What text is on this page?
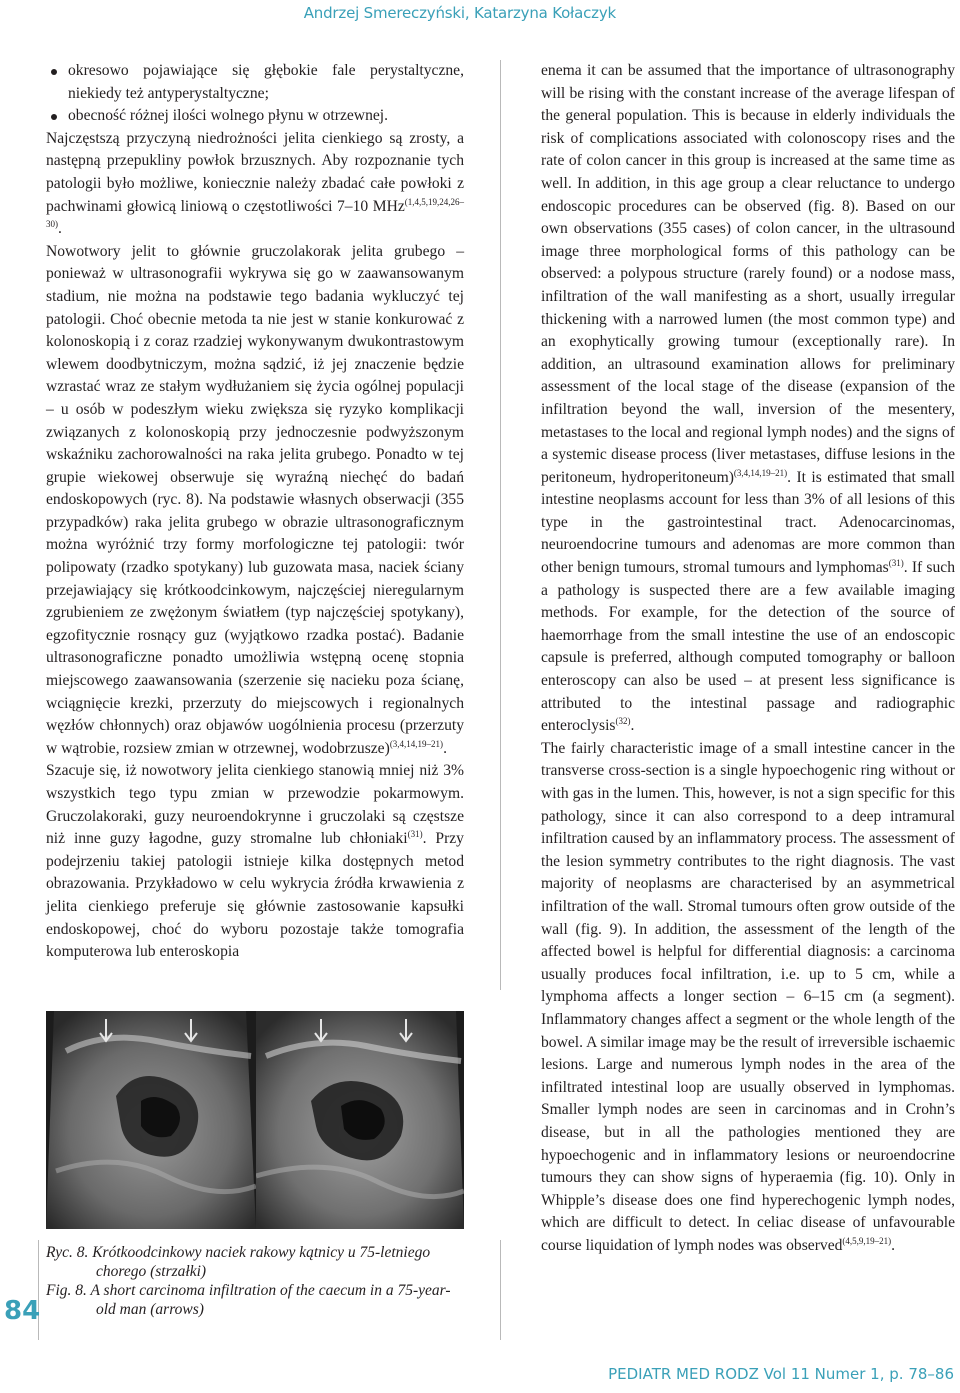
Andrzej Smereczyński, Katarzyna Kołaczyk
okresowo pojawiające się głębokie fale perystaltyczne, niekiedy też antyperystaltyczne;
obecność różnej ilości wolnego płynu w otrzewnej.

Najczęstszą przyczyną niedrożności jelita cienkiego są zrosty, a następną przepukliny powłok brzusznych. Aby rozpoznanie tych patologii było możliwe, koniecznie należy zbadać całe powłoki z pachwinami głowicą liniową o częstotliwości 7–10 MHz$^{(1,4,5,19,24,26-30)}$.

Nowotwory jelit to głównie gruczolakorak jelita grubego – ponieważ w ultrasonografii wykrywa się go w zaawansowanym stadium, nie można na podstawie tego badania wykluczyć tej patologii. Choć obecnie metoda ta nie jest w stanie konkurować z kolonoskopią i z coraz rzadziej wykonywanym dwukontrastowym wlewem doodbytniczym, można sądzić, iż jej znaczenie będzie wzrastać wraz ze stałym wydłużaniem się życia ogólnej populacji – u osób w podeszłym wieku zwiększa się ryzyko komplikacji związanych z kolonoskopią przy jednoczesnie podwyższonym wskaźniku zachorowalności na raka jelita grubego. Ponadto w tej grupie wiekowej obserwuje się wyraźną niechęć do badań endoskopowych (ryc. 8). Na podstawie własnych obserwacji (355 przypadków) raka jelita grubego w obrazie ultrasonograficznym można wyróżnić trzy formy morfologiczne tej patologii: twór polipowaty (rzadko spotykany) lub guzowata masa, naciek ściany przejawiający się krótkoodcinkowym, najczęściej nieregularnym zgrubieniem ze zwężonym światłem (typ najczęściej spotykany), egzofitycznie rosnący guz (wyjątkowo rzadka postać). Badanie ultrasonograficzne ponadto umożliwia wstępną ocenę stopnia miejscowego zaawansowania (szerzenie się nacieku poza ścianę, wciągnięcie krezki, przerzuty do miejscowych i regionalnych węzłów chłonnych) oraz objawów uogólnienia procesu (przerzuty w wątrobie, rozsiew zmian w otrzewnej, wodobrzusze)$^{(3,4,14,19-21)}$.

Szacuje się, iż nowotwory jelita cienkiego stanowią mniej niż 3% wszystkich tego typu zmian w przewodzie pokarmowym. Gruczolakoraki, guzy neuroendokrynne i gruczolaki są częstsze niż inne guzy łagodne, guzy stromalne lub chłoniaki$^{(31)}$. Przy podejrzeniu takiej patologii istnieje kilka dostępnych metod obrazowania. Przykładowo w celu wykrycia źródła krwawienia z jelita cienkiego preferuje się głównie zastosowanie kapsułki endoskopowej, choć do wyboru pozostaje także tomografia komputerowa lub enteroskopia

Ryc. 8. Krótkoodcinkowy naciek rakowy kątnicy u 75-letniego
chorego (strzałki)
Fig. 8. A short carcinoma infiltration of the caecum in a 75-year-
old man (arrows)

enema it can be assumed that the importance of ultrasonography will be rising with the constant increase of the average lifespan of the general population. This is because in elderly individuals the risk of complications associated with colonoscopy rises and the rate of colon cancer in this group is increased at the same time as well. In addition, in this age group a clear reluctance to undergo endoscopic procedures can be observed (fig. 8). Based on our own observations (355 cases) of colon cancer, in the ultrasound image three morphological forms of this pathology can be observed: a polypous structure (rarely found) or a nodose mass, infiltration of the wall manifesting as a short, usually irregular thickening with a narrowed lumen (the most common type) and an exophytically growing tumour (exceptionally rare). In addition, an ultrasound examination allows for preliminary assessment of the local stage of the disease (expansion of the infiltration beyond the wall, inversion of the mesentery, metastases to the local and regional lymph nodes) and the signs of a systemic disease process (liver metastases, diffuse lesions in the peritoneum, hydroperitoneum)$^{(3,4,14,19-21)}$. It is estimated that small intestine neoplasms account for less than 3% of all lesions of this type in the gastrointestinal tract. Adenocarcinomas, neuroendocrine tumours and adenomas are more common than other benign tumours, stromal tumours and lymphomas$^{(31)}$. If such a pathology is suspected there are a few available imaging methods. For example, for the detection of the source of haemorrhage from the small intestine the use of an endoscopic capsule is preferred, although computed tomography or balloon enteroscopy can also be used – at present less significance is attributed to the intestinal passage and radiographic enteroclysis$^{(32)}$.

The fairly characteristic image of a small intestine cancer in the transverse cross-section is a single hypoechogenic ring without or with gas in the lumen. This, however, is not a sign specific for this pathology, since it can also correspond to a deep intramural infiltration caused by an inflammatory process. The assessment of the lesion symmetry contributes to the right diagnosis. The vast majority of neoplasms are characterised by an asymmetrical infiltration of the wall. Stromal tumours often grow outside of the wall (fig. 9). In addition, the assessment of the length of the affected bowel is helpful for differential diagnosis: a carcinoma usually produces focal infiltration, i.e. up to 5 cm, while a lymphoma affects a longer section – 6–15 cm (a segment). Inflammatory changes affect a segment or the whole length of the bowel. A similar image may be the result of irreversible ischaemic lesions. Large and numerous lymph nodes in the area of the infiltrated intestinal loop are usually observed in lymphomas. Smaller lymph nodes are seen in carcinomas and in Crohn’s disease, but in all the pathologies mentioned they are hypoechogenic and in inflammatory lesions or neuroendocrine tumours they can show signs of hyperaemia (fig. 10). Only in Whipple’s disease does one find hyperechogenic lymph nodes, which are difficult to detect. In celiac disease of unfavourable course liquidation of lymph nodes was observed$^{(4,5,9,19-21)}$.

84
PEDIATR MED RODZ Vol 11 Numer 1, p. 78–86
